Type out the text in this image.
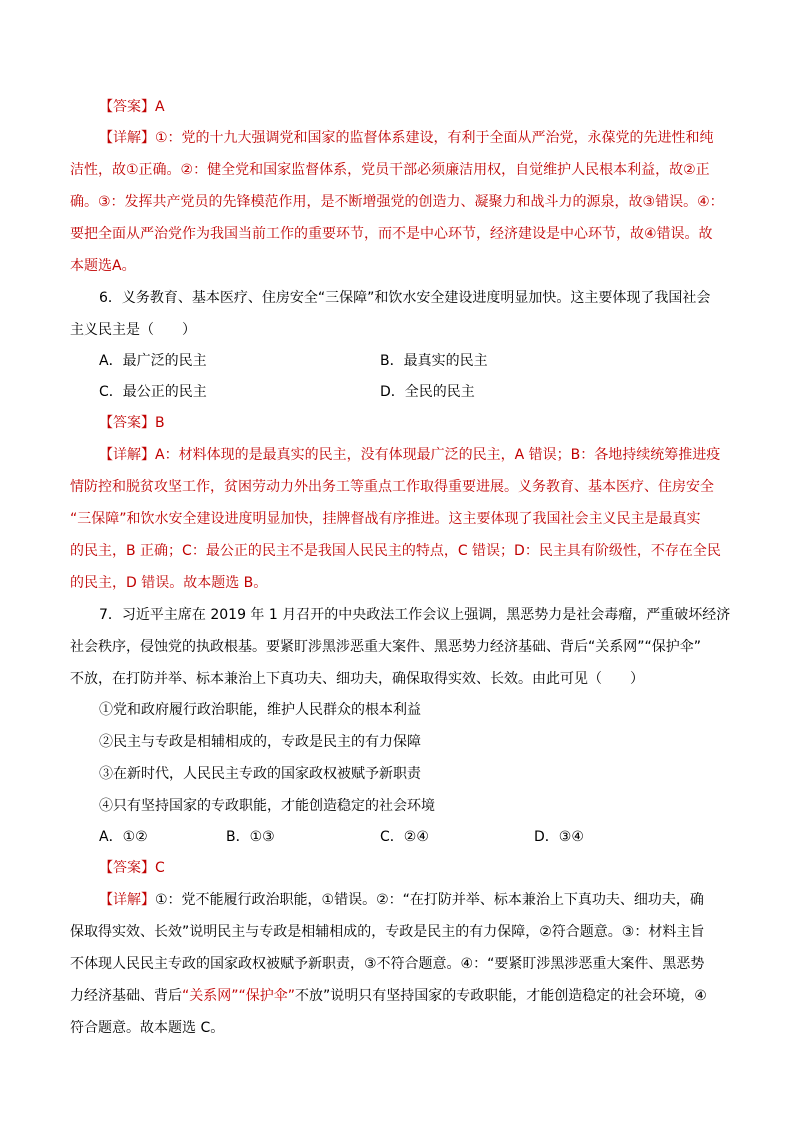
【答案】A
【详解】①：党的十九大强调党和国家的监督体系建设，有利于全面从严治党，永葆党的先进性和纯
洁性，故①正确。②：健全党和国家监督体系，党员干部必须廉洁用权，自觉维护人民根本利益，故②正
确。③：发挥共产党员的先锋模范作用，是不断增强党的创造力、凝聚力和战斗力的源泉，故③错误。④：
要把全面从严治党作为我国当前工作的重要环节，而不是中心环节，经济建设是中心环节，故④错误。故
本题选A。
6．义务教育、基本医疗、住房安全“三保障”和饮水安全建设进度明显加快。这主要体现了我国社会
主义民主是（　　）
A．最广泛的民主	B．最真实的民主
C．最公正的民主	D．全民的民主
【答案】B
【详解】A：材料体现的是最真实的民主，没有体现最广泛的民主，A 错误；B：各地持续统筹推进疫
情防控和脱贫攻坚工作，贫困劳动力外出务工等重点工作取得重要进展。义务教育、基本医疗、住房安全
“三保障”和饮水安全建设进度明显加快，挂牌督战有序推进。这主要体现了我国社会主义民主是最真实
的民主，B 正确；C：最公正的民主不是我国人民民主的特点，C 错误；D：民主具有阶级性，不存在全民
的民主，D 错误。故本题选 B。
7．习近平主席在 2019 年 1 月召开的中央政法工作会议上强调，黑恶势力是社会毒瘤，严重破坏经济
社会秩序，侵蚀党的执政根基。要紧盯涉黑涉恶重大案件、黑恶势力经济基础、背后“关系网”“保护伞”
不放，在打防并举、标本兼治上下真功夫、细功夫，确保取得实效、长效。由此可见（　　）
①党和政府履行政治职能，维护人民群众的根本利益
②民主与专政是相辅相成的，专政是民主的有力保障
③在新时代，人民民主专政的国家政权被赋予新职责
④只有坚持国家的专政职能，才能创造稳定的社会环境
A．①②	B．①③	C．②④	D．③④
【答案】C
【详解】①：党不能履行政治职能，①错误。②：“在打防并举、标本兼治上下真功夫、细功夫，确
保取得实效、长效”说明民主与专政是相辅相成的，专政是民主的有力保障，②符合题意。③：材料主旨
不体现人民民主专政的国家政权被赋予新职责，③不符合题意。④：“要紧盯涉黑涉恶重大案件、黑恶势
力经济基础、背后“关系网”“保护伞”不放”说明只有坚持国家的专政职能，才能创造稳定的社会环境，④
符合题意。故本题选 C。
